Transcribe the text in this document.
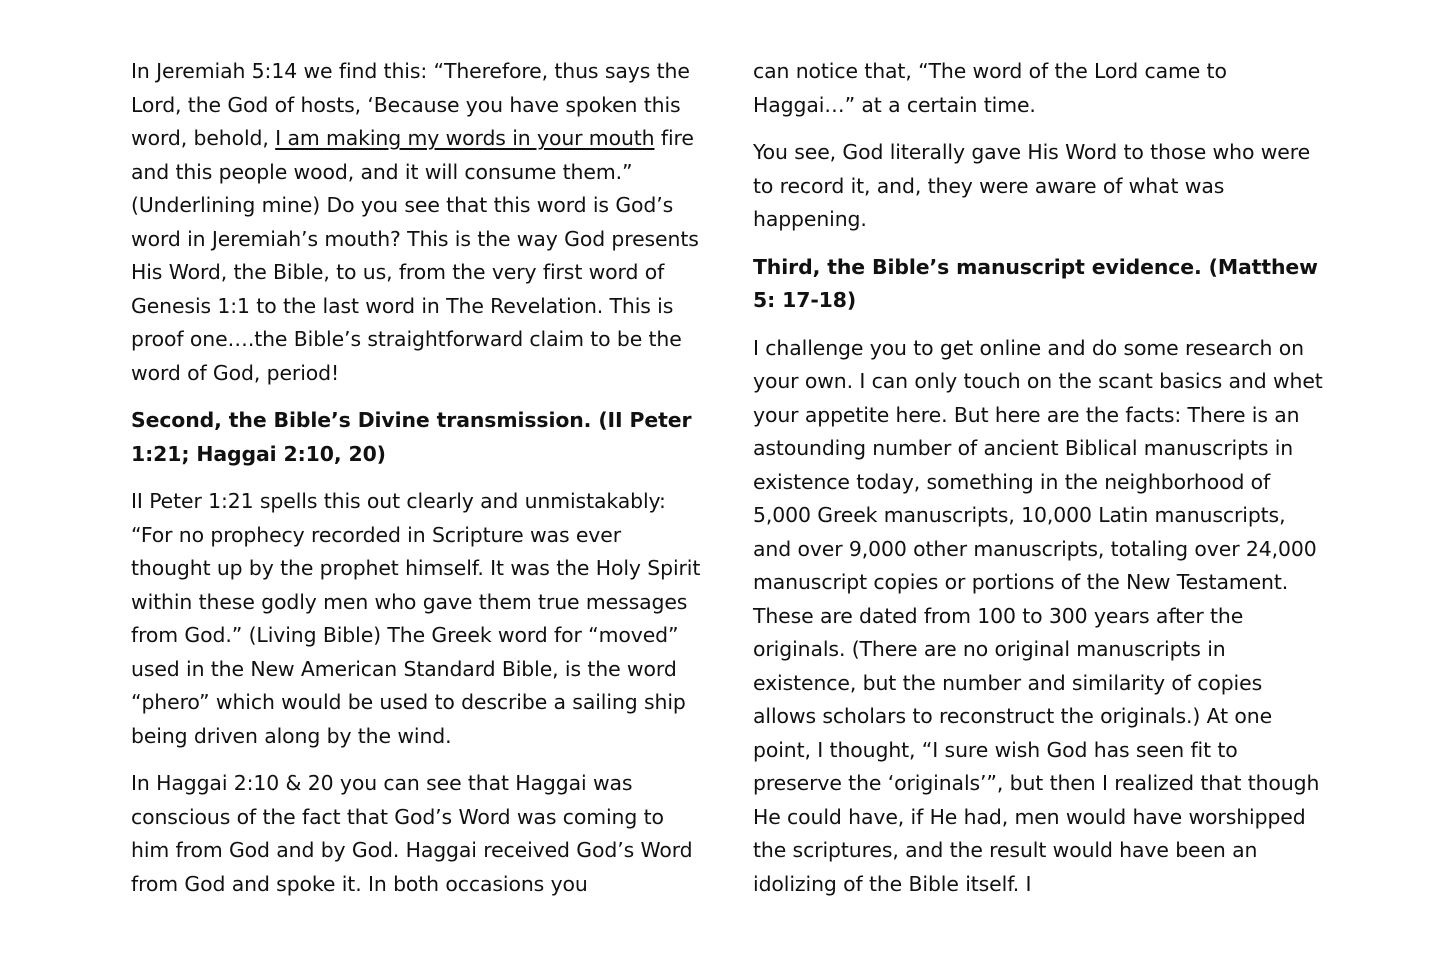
In Jeremiah 5:14 we find this: “Therefore, thus says the Lord, the God of hosts, ‘Because you have spoken this word, behold, I am making my words in your mouth fire and this people wood, and it will consume them.” (Underlining mine) Do you see that this word is God’s word in Jeremiah’s mouth? This is the way God presents His Word, the Bible, to us, from the very first word of Genesis 1:1 to the last word in The Revelation. This is proof one….the Bible’s straightforward claim to be the word of God, period!

Second, the Bible’s Divine transmission. (II Peter 1:21; Haggai 2:10, 20)

II Peter 1:21 spells this out clearly and unmistakably: “For no prophecy recorded in Scripture was ever thought up by the prophet himself. It was the Holy Spirit within these godly men who gave them true messages from God.” (Living Bible) The Greek word for “moved” used in the New American Standard Bible, is the word “phero” which would be used to describe a sailing ship being driven along by the wind.

In Haggai 2:10 & 20 you can see that Haggai was conscious of the fact that God’s Word was coming to him from God and by God. Haggai received God’s Word from God and spoke it. In both occasions you

can notice that, “The word of the Lord came to Haggai…” at a certain time.

You see, God literally gave His Word to those who were to record it, and, they were aware of what was happening.

Third, the Bible’s manuscript evidence. (Matthew 5: 17-18)

I challenge you to get online and do some research on your own. I can only touch on the scant basics and whet your appetite here. But here are the facts: There is an astounding number of ancient Biblical manuscripts in existence today, something in the neighborhood of 5,000 Greek manuscripts, 10,000 Latin manuscripts, and over 9,000 other manuscripts, totaling over 24,000 manuscript copies or portions of the New Testament. These are dated from 100 to 300 years after the originals. (There are no original manuscripts in existence, but the number and similarity of copies allows scholars to reconstruct the originals.) At one point, I thought, “I sure wish God has seen fit to preserve the ‘originals’”, but then I realized that though He could have, if He had, men would have worshipped the scriptures, and the result would have been an idolizing of the Bible itself. I
